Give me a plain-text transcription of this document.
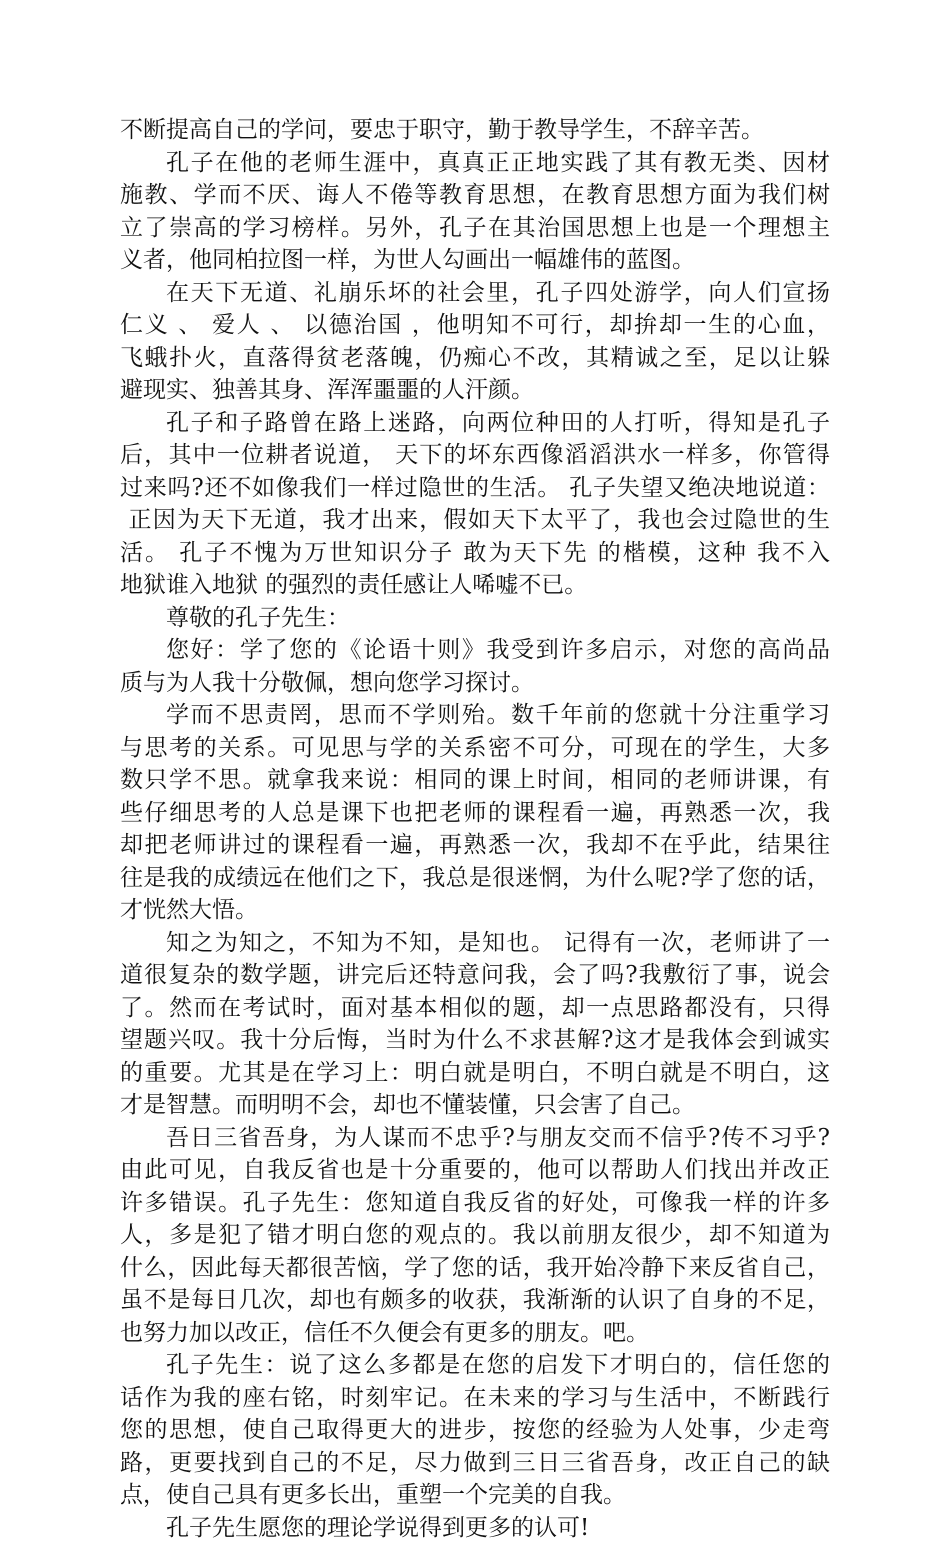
不断提高自己的学问，要忠于职守，勤于教导学生，不辞辛苦。
孔子在他的老师生涯中，真真正正地实践了其有教无类、因材
施教、学而不厌、诲人不倦等教育思想，在教育思想方面为我们树
立了崇高的学习榜样。另外，孔子在其治国思想上也是一个理想主
义者，他同柏拉图一样，为世人勾画出一幅雄伟的蓝图。
在天下无道、礼崩乐坏的社会里，孔子四处游学，向人们宣扬
仁义 、 爱人 、 以德治国 ，他明知不可行，却拚却一生的心血，
飞蛾扑火，直落得贫老落魄，仍痴心不改，其精诚之至，足以让躲
避现实、独善其身、浑浑噩噩的人汗颜。
孔子和子路曾在路上迷路，向两位种田的人打听，得知是孔子
后，其中一位耕者说道， 天下的坏东西像滔滔洪水一样多，你管得
过来吗?还不如像我们一样过隐世的生活。 孔子失望又绝决地说道：
正因为天下无道，我才出来，假如天下太平了，我也会过隐世的生
活。 孔子不愧为万世知识分子 敢为天下先 的楷模，这种 我不入
地狱谁入地狱 的强烈的责任感让人唏嘘不已。
尊敬的孔子先生：
您好：学了您的《论语十则》我受到许多启示，对您的高尚品
质与为人我十分敬佩，想向您学习探讨。
学而不思责罔，思而不学则殆。数千年前的您就十分注重学习
与思考的关系。可见思与学的关系密不可分，可现在的学生，大多
数只学不思。就拿我来说：相同的课上时间，相同的老师讲课，有
些仔细思考的人总是课下也把老师的课程看一遍，再熟悉一次，我
却把老师讲过的课程看一遍，再熟悉一次，我却不在乎此，结果往
往是我的成绩远在他们之下，我总是很迷惘，为什么呢?学了您的话，
才恍然大悟。
知之为知之，不知为不知，是知也。 记得有一次，老师讲了一
道很复杂的数学题，讲完后还特意问我，会了吗?我敷衍了事，说会
了。然而在考试时，面对基本相似的题，却一点思路都没有，只得
望题兴叹。我十分后悔，当时为什么不求甚解?这才是我体会到诚实
的重要。尤其是在学习上：明白就是明白，不明白就是不明白，这
才是智慧。而明明不会，却也不懂装懂，只会害了自己。
吾日三省吾身，为人谋而不忠乎?与朋友交而不信乎?传不习乎?
由此可见，自我反省也是十分重要的，他可以帮助人们找出并改正
许多错误。孔子先生：您知道自我反省的好处，可像我一样的许多
人，多是犯了错才明白您的观点的。我以前朋友很少，却不知道为
什么，因此每天都很苦恼，学了您的话，我开始冷静下来反省自己，
虽不是每日几次，却也有颇多的收获，我渐渐的认识了自身的不足，
也努力加以改正，信任不久便会有更多的朋友。吧。
孔子先生：说了这么多都是在您的启发下才明白的，信任您的
话作为我的座右铭，时刻牢记。在未来的学习与生活中，不断践行
您的思想，使自己取得更大的进步，按您的经验为人处事，少走弯
路，更要找到自己的不足，尽力做到三日三省吾身，改正自己的缺
点，使自己具有更多长出，重塑一个完美的自我。
孔子先生愿您的理论学说得到更多的认可!
